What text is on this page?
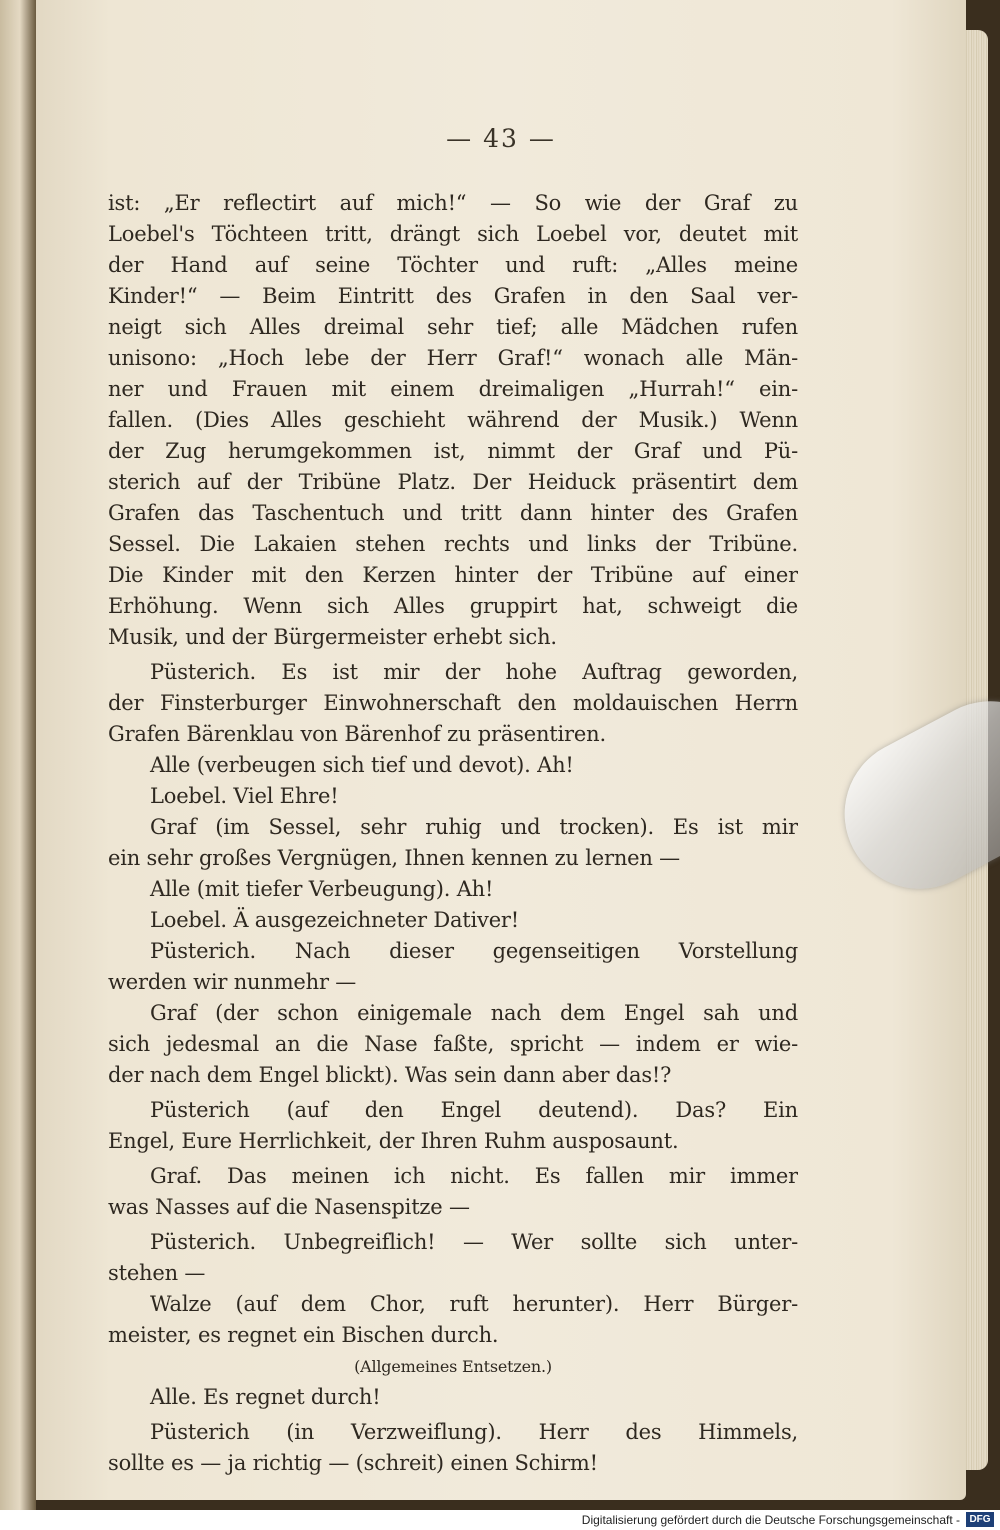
— 43 —
ist: „Er reflectirt auf mich!“ — So wie der Graf zu
Loebel's Töchteen tritt, drängt sich Loebel vor, deutet mit
der Hand auf seine Töchter und ruft: „Alles meine
Kinder!“ — Beim Eintritt des Grafen in den Saal ver-
neigt sich Alles dreimal sehr tief; alle Mädchen rufen
unisono: „Hoch lebe der Herr Graf!“ wonach alle Män-
ner und Frauen mit einem dreimaligen „Hurrah!“ ein-
fallen. (Dies Alles geschieht während der Musik.) Wenn
der Zug herumgekommen ist, nimmt der Graf und Pü-
sterich auf der Tribüne Platz. Der Heiduck präsentirt dem
Grafen das Taschentuch und tritt dann hinter des Grafen
Sessel. Die Lakaien stehen rechts und links der Tribüne.
Die Kinder mit den Kerzen hinter der Tribüne auf einer
Erhöhung. Wenn sich Alles gruppirt hat, schweigt die
Musik, und der Bürgermeister erhebt sich.
Püsterich. Es ist mir der hohe Auftrag geworden,
der Finsterburger Einwohnerschaft den moldauischen Herrn
Grafen Bärenklau von Bärenhof zu präsentiren.
Alle (verbeugen sich tief und devot). Ah!
Loebel. Viel Ehre!
Graf (im Sessel, sehr ruhig und trocken). Es ist mir
ein sehr großes Vergnügen, Ihnen kennen zu lernen —
Alle (mit tiefer Verbeugung). Ah!
Loebel. Ä ausgezeichneter Dativer!
Püsterich. Nach dieser gegenseitigen Vorstellung
werden wir nunmehr —
Graf (der schon einigemale nach dem Engel sah und
sich jedesmal an die Nase faßte, spricht — indem er wie-
der nach dem Engel blickt). Was sein dann aber das!?
Püsterich (auf den Engel deutend). Das? Ein
Engel, Eure Herrlichkeit, der Ihren Ruhm ausposaunt.
Graf. Das meinen ich nicht. Es fallen mir immer
was Nasses auf die Nasenspitze —
Püsterich. Unbegreiflich! — Wer sollte sich unter-
stehen —
Walze (auf dem Chor, ruft herunter). Herr Bürger-
meister, es regnet ein Bischen durch.
(Allgemeines Entsetzen.)
Alle. Es regnet durch!
Püsterich (in Verzweiflung). Herr des Himmels,
sollte es — ja richtig — (schreit) einen Schirm!
Digitalisierung gefördert durch die Deutsche Forschungsgemeinschaft - DFG
